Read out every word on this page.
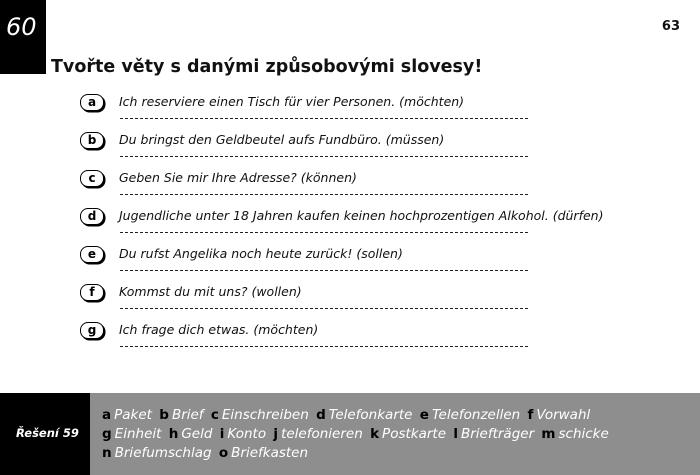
60	63
Tvořte věty s danými způsobovými slovesy!
a	Ich reserviere einen Tisch für vier Personen. (möchten)
b	Du bringst den Geldbeutel aufs Fundbüro. (müssen)
c	Geben Sie mir Ihre Adresse? (können)
d	Jugendliche unter 18 Jahren kaufen keinen hochprozentigen Alkohol. (dürfen)
e	Du rufst Angelika noch heute zurück! (sollen)
f	Kommst du mit uns? (wollen)
g	Ich frage dich etwas. (möchten)
Řešení 59
a Paket b Brief c Einschreiben d Telefonkarte e Telefonzellen f Vorwahl
g Einheit h Geld i Konto j telefonieren k Postkarte l Briefträger m schicke
n Briefumschlag o Briefkasten
